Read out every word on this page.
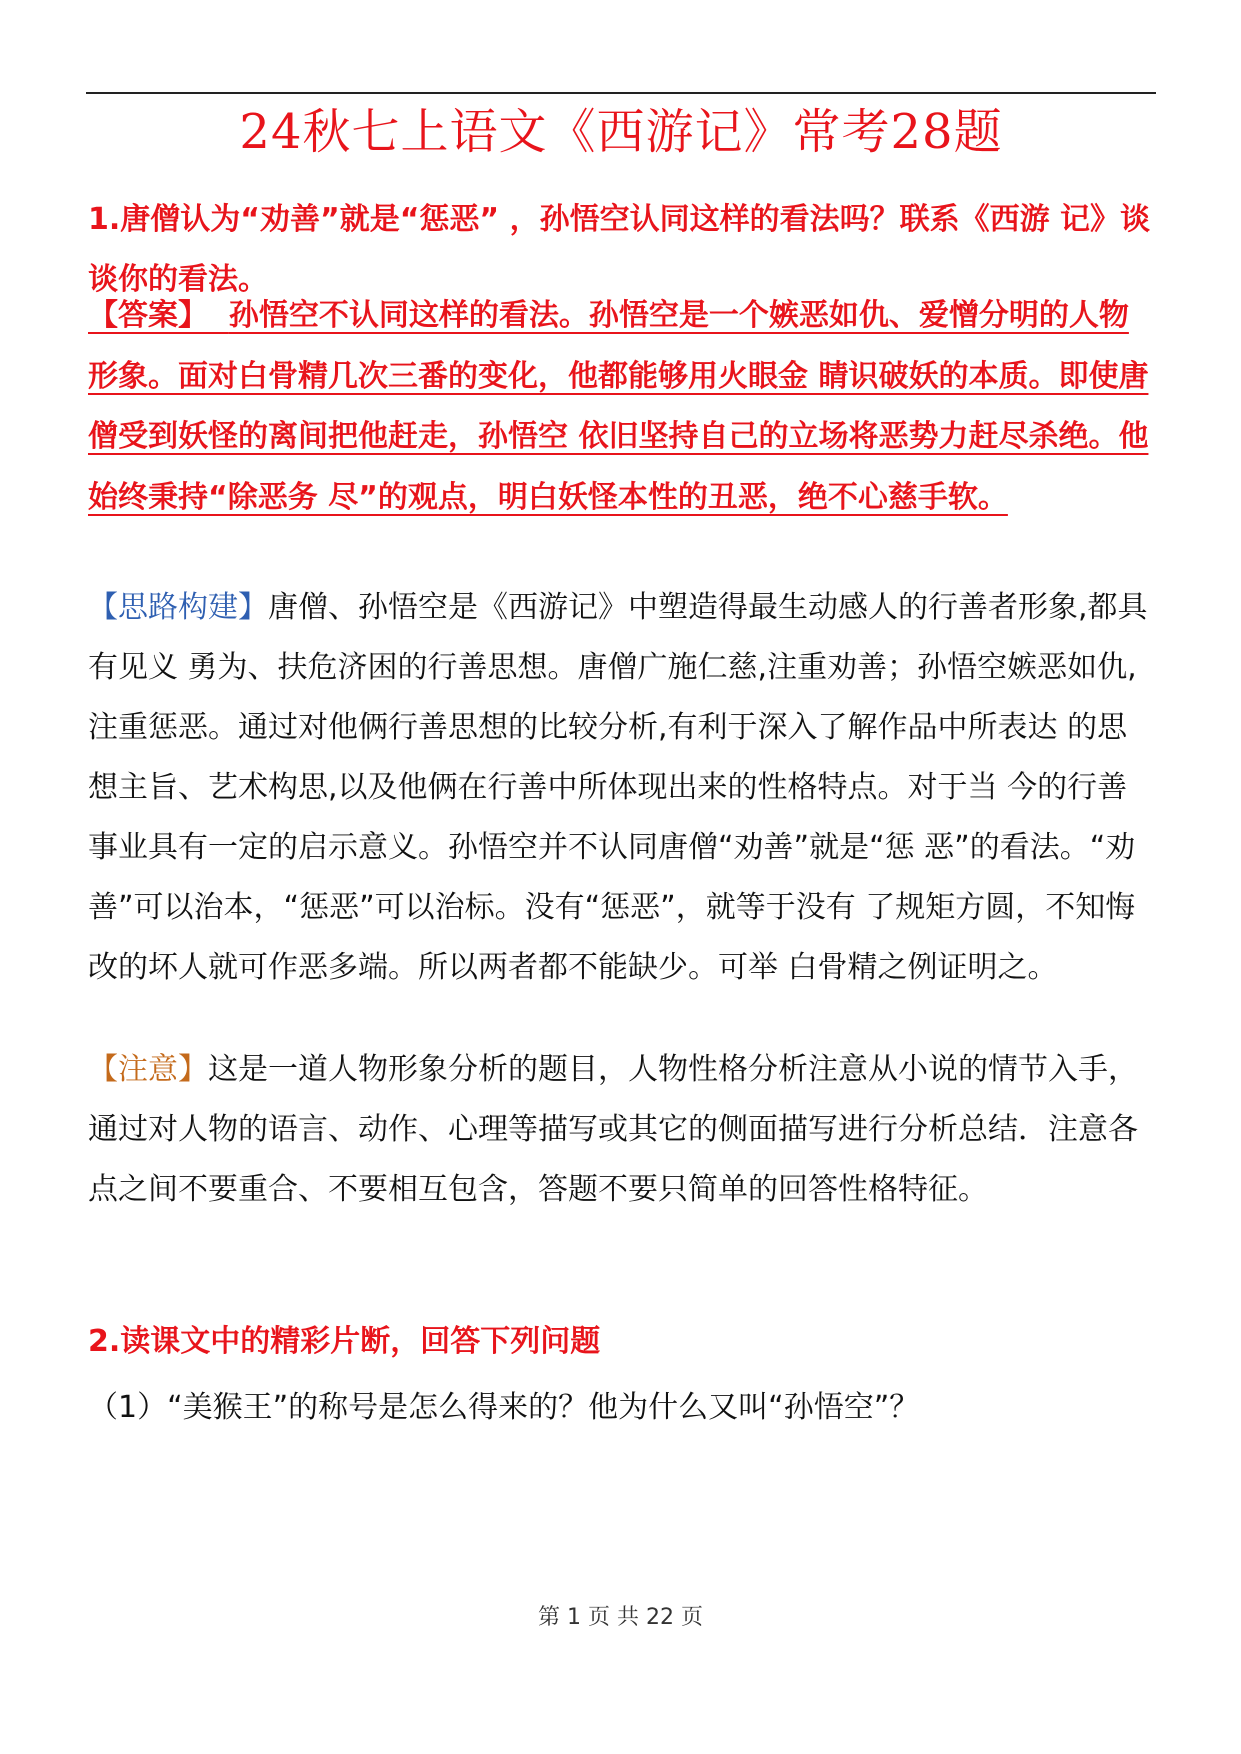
24秋七上语文《西游记》常考28题
1.唐僧认为“劝善”就是“惩恶” ，孙悟空认同这样的看法吗？联系《西游 记》谈谈你的看法。
【答案】 孙悟空不认同这样的看法。孙悟空是一个嫉恶如仇、爱憎分明的人物形象。面对白骨精几次三番的变化，他都能够用火眼金 睛识破妖的本质。即使唐僧受到妖怪的离间把他赶走，孙悟空 依旧坚持自己的立场将恶势力赶尽杀绝。他始终秉持“除恶务 尽”的观点，明白妖怪本性的丑恶，绝不心慈手软。
【思路构建】唐僧、孙悟空是《西游记》中塑造得最生动感人的行善者形象,都具有见义 勇为、扶危济困的行善思想。唐僧广施仁慈,注重劝善；孙悟空嫉恶如仇, 注重惩恶。通过对他俩行善思想的比较分析,有利于深入了解作品中所表达 的思想主旨、艺术构思,以及他俩在行善中所体现出来的性格特点。对于当 今的行善事业具有一定的启示意义。孙悟空并不认同唐僧“劝善”就是“惩 恶”的看法。“劝善”可以治本，“惩恶”可以治标。没有“惩恶”，就等于没有 了规矩方圆，不知悔改的坏人就可作恶多端。所以两者都不能缺少。可举 白骨精之例证明之。
【注意】这是一道人物形象分析的题目，人物性格分析注意从小说的情节入手，通过对人物的语言、动作、心理等描写或其它的侧面描写进行分析总结．注意各点之间不要重合、不要相互包含，答题不要只简单的回答性格特征。
2.读课文中的精彩片断，回答下列问题
（1）“美猴王”的称号是怎么得来的？他为什么又叫“孙悟空”？
第 1 页 共 22 页
